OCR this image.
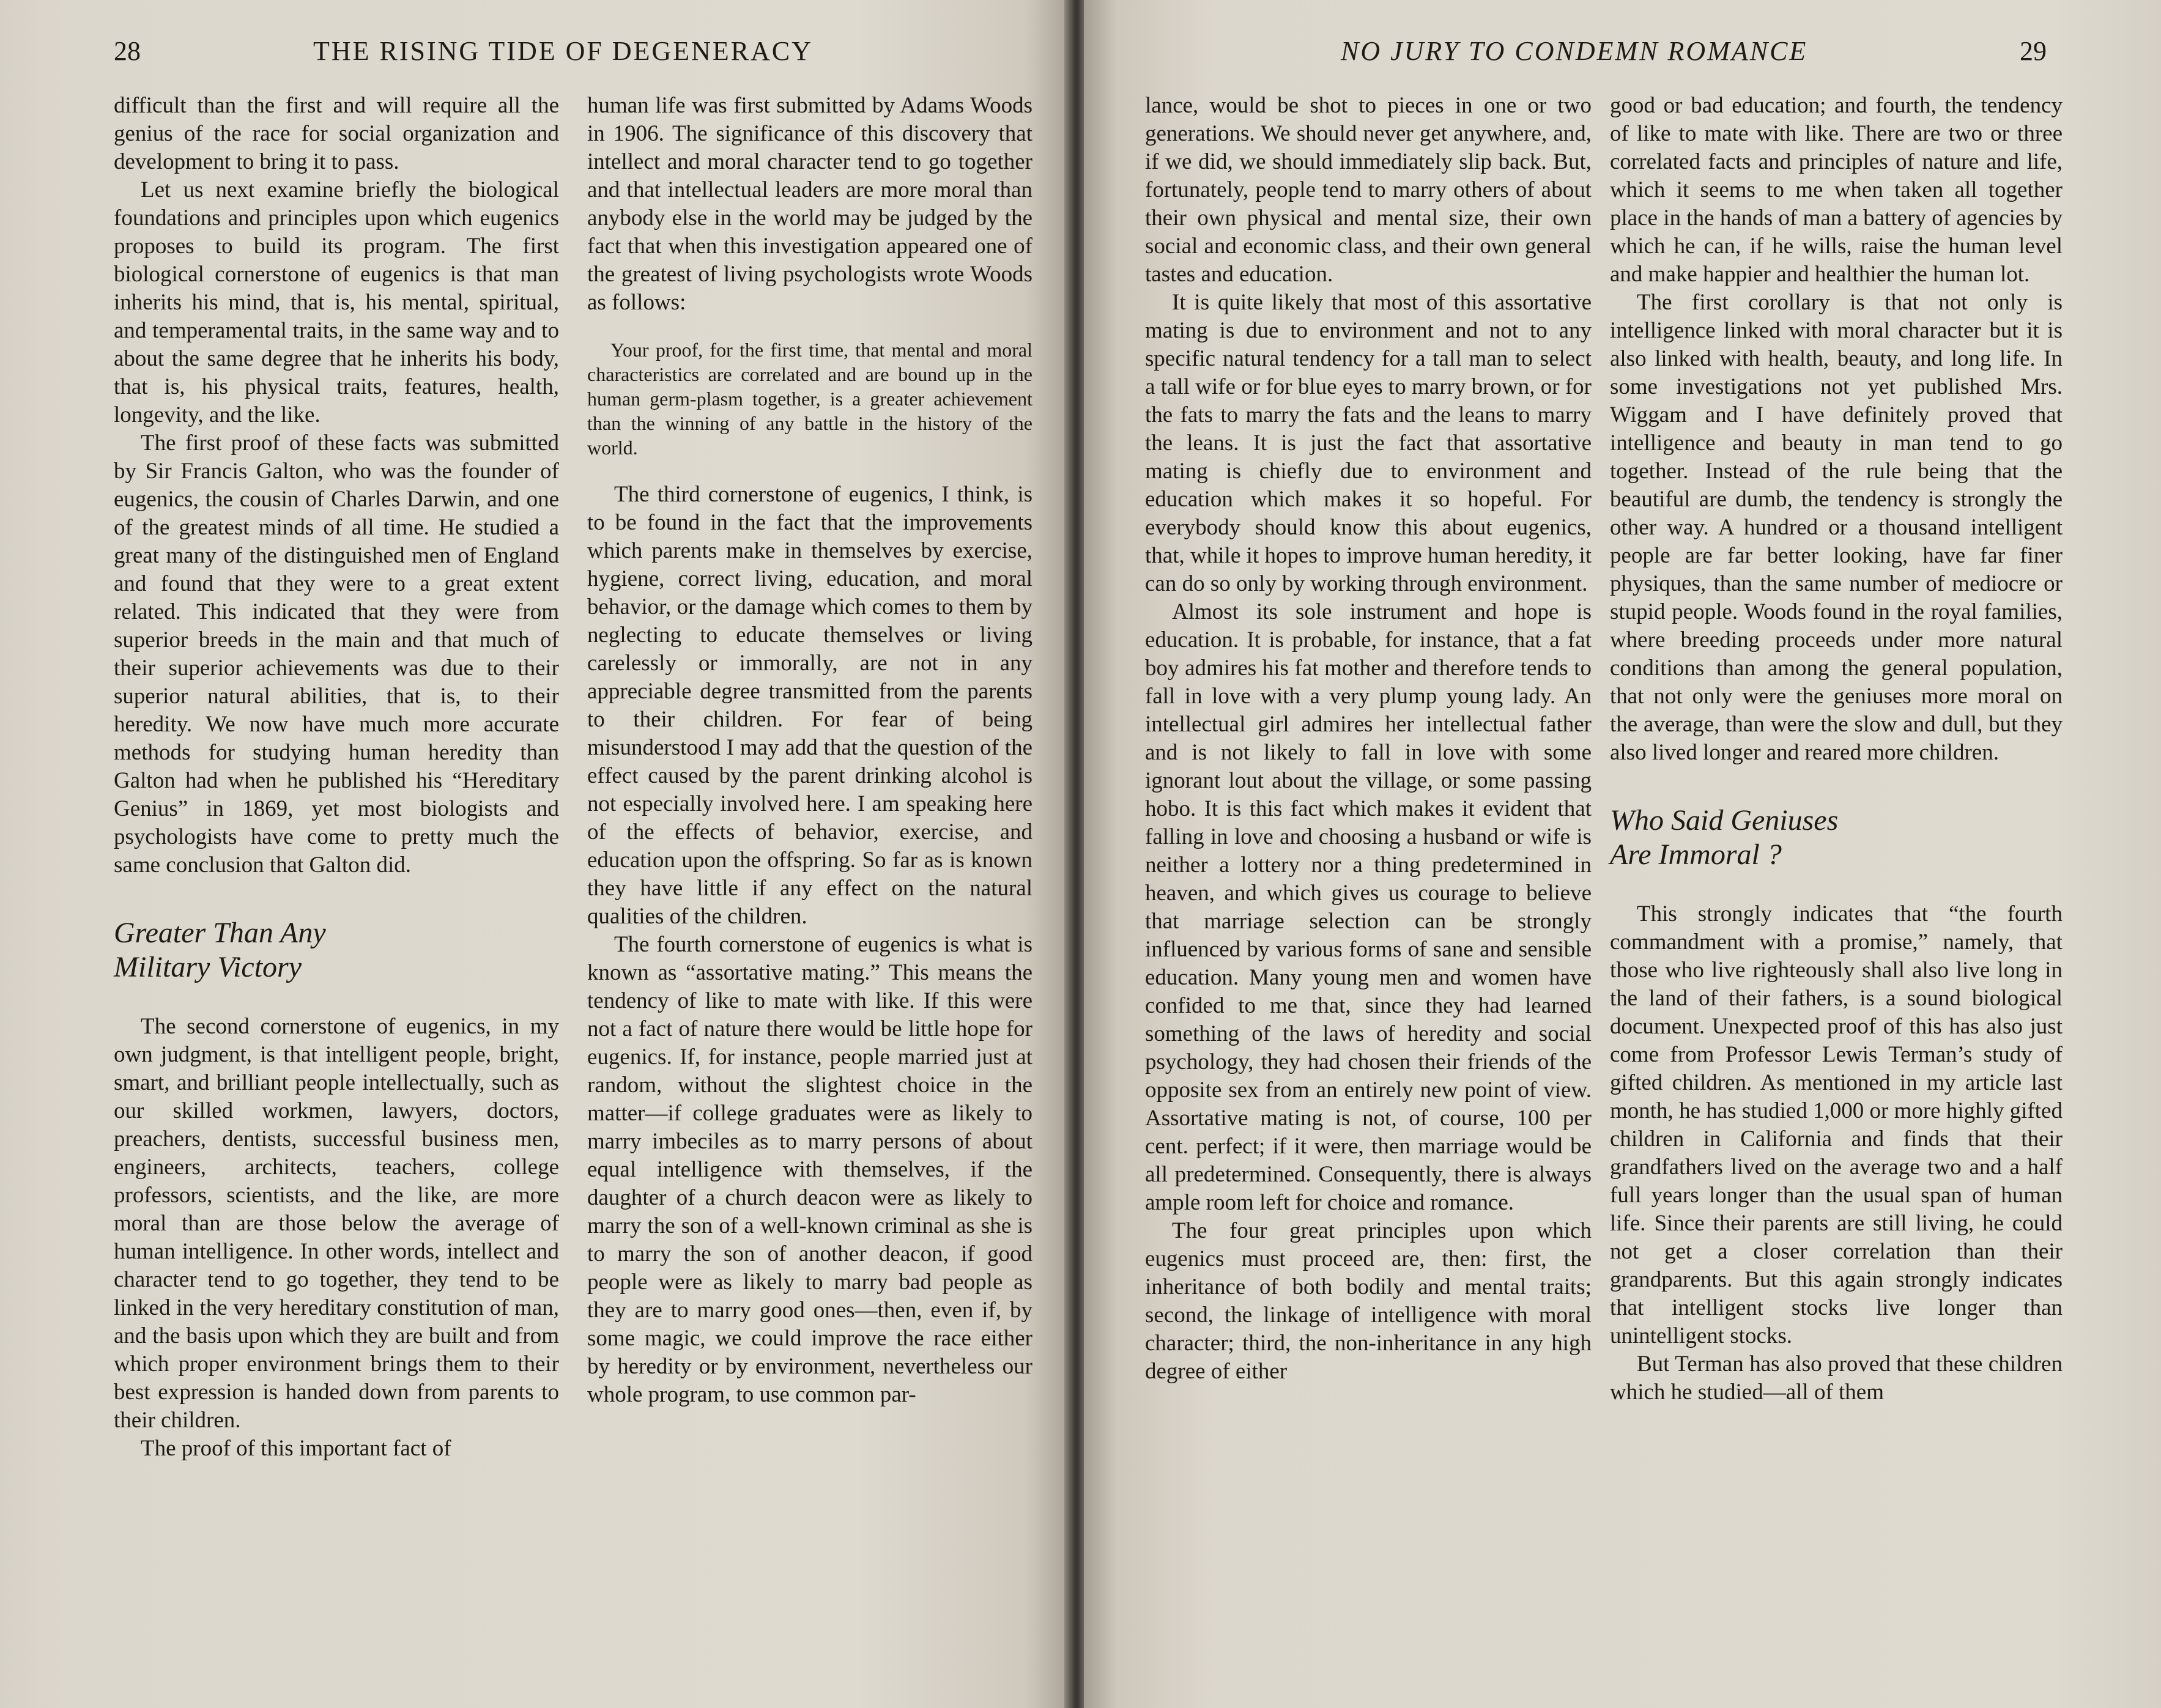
28	THE RISING TIDE OF DEGENERACY

difficult than the first and will require all the genius of the race for social organization and development to bring it to pass.

Let us next examine briefly the biological foundations and principles upon which eugenics proposes to build its program. The first biological cornerstone of eugenics is that man inherits his mind, that is, his mental, spiritual, and temperamental traits, in the same way and to about the same degree that he inherits his body, that is, his physical traits, features, health, longevity, and the like.

The first proof of these facts was submitted by Sir Francis Galton, who was the founder of eugenics, the cousin of Charles Darwin, and one of the greatest minds of all time. He studied a great many of the distinguished men of England and found that they were to a great extent related. This indicated that they were from superior breeds in the main and that much of their superior achievements was due to their superior natural abilities, that is, to their heredity. We now have much more accurate methods for studying human heredity than Galton had when he published his “Hereditary Genius” in 1869, yet most biologists and psychologists have come to pretty much the same conclusion that Galton did.

Greater Than Any
Military Victory

The second cornerstone of eugenics, in my own judgment, is that intelligent people, bright, smart, and brilliant people intellectually, such as our skilled workmen, lawyers, doctors, preachers, dentists, successful business men, engineers, architects, teachers, college professors, scientists, and the like, are more moral than are those below the average of human intelligence. In other words, intellect and character tend to go together, they tend to be linked in the very hereditary constitution of man, and the basis upon which they are built and from which proper environment brings them to their best expression is handed down from parents to their children.

The proof of this important fact of

human life was first submitted by Adams Woods in 1906. The significance of this discovery that intellect and moral character tend to go together and that intellectual leaders are more moral than anybody else in the world may be judged by the fact that when this investigation appeared one of the greatest of living psychologists wrote Woods as follows:

Your proof, for the first time, that mental and moral characteristics are correlated and are bound up in the human germ-plasm together, is a greater achievement than the winning of any battle in the history of the world.

The third cornerstone of eugenics, I think, is to be found in the fact that the improvements which parents make in themselves by exercise, hygiene, correct living, education, and moral behavior, or the damage which comes to them by neglecting to educate themselves or living carelessly or immorally, are not in any appreciable degree transmitted from the parents to their children. For fear of being misunderstood I may add that the question of the effect caused by the parent drinking alcohol is not especially involved here. I am speaking here of the effects of behavior, exercise, and education upon the offspring. So far as is known they have little if any effect on the natural qualities of the children.

The fourth cornerstone of eugenics is what is known as “assortative mating.” This means the tendency of like to mate with like. If this were not a fact of nature there would be little hope for eugenics. If, for instance, people married just at random, without the slightest choice in the matter—if college graduates were as likely to marry imbeciles as to marry persons of about equal intelligence with themselves, if the daughter of a church deacon were as likely to marry the son of a well-known criminal as she is to marry the son of another deacon, if good people were as likely to marry bad people as they are to marry good ones—then, even if, by some magic, we could improve the race either by heredity or by environment, nevertheless our whole program, to use common par-

NO JURY TO CONDEMN ROMANCE	29

lance, would be shot to pieces in one or two generations. We should never get anywhere, and, if we did, we should immediately slip back. But, fortunately, people tend to marry others of about their own physical and mental size, their own social and economic class, and their own general tastes and education.

It is quite likely that most of this assortative mating is due to environment and not to any specific natural tendency for a tall man to select a tall wife or for blue eyes to marry brown, or for the fats to marry the fats and the leans to marry the leans. It is just the fact that assortative mating is chiefly due to environment and education which makes it so hopeful. For everybody should know this about eugenics, that, while it hopes to improve human heredity, it can do so only by working through environment.

Almost its sole instrument and hope is education. It is probable, for instance, that a fat boy admires his fat mother and therefore tends to fall in love with a very plump young lady. An intellectual girl admires her intellectual father and is not likely to fall in love with some ignorant lout about the village, or some passing hobo. It is this fact which makes it evident that falling in love and choosing a husband or wife is neither a lottery nor a thing predetermined in heaven, and which gives us courage to believe that marriage selection can be strongly influenced by various forms of sane and sensible education. Many young men and women have confided to me that, since they had learned something of the laws of heredity and social psychology, they had chosen their friends of the opposite sex from an entirely new point of view. Assortative mating is not, of course, 100 per cent. perfect; if it were, then marriage would be all predetermined. Consequently, there is always ample room left for choice and romance.

The four great principles upon which eugenics must proceed are, then: first, the inheritance of both bodily and mental traits; second, the linkage of intelligence with moral character; third, the non-inheritance in any high degree of either

good or bad education; and fourth, the tendency of like to mate with like. There are two or three correlated facts and principles of nature and life, which it seems to me when taken all together place in the hands of man a battery of agencies by which he can, if he wills, raise the human level and make happier and healthier the human lot.

The first corollary is that not only is intelligence linked with moral character but it is also linked with health, beauty, and long life. In some investigations not yet published Mrs. Wiggam and I have definitely proved that intelligence and beauty in man tend to go together. Instead of the rule being that the beautiful are dumb, the tendency is strongly the other way. A hundred or a thousand intelligent people are far better looking, have far finer physiques, than the same number of mediocre or stupid people. Woods found in the royal families, where breeding proceeds under more natural conditions than among the general population, that not only were the geniuses more moral on the average, than were the slow and dull, but they also lived longer and reared more children.

Who Said Geniuses
Are Immoral ?

This strongly indicates that “the fourth commandment with a promise,” namely, that those who live righteously shall also live long in the land of their fathers, is a sound biological document. Unexpected proof of this has also just come from Professor Lewis Terman’s study of gifted children. As mentioned in my article last month, he has studied 1,000 or more highly gifted children in California and finds that their grandfathers lived on the average two and a half full years longer than the usual span of human life. Since their parents are still living, he could not get a closer correlation than their grandparents. But this again strongly indicates that intelligent stocks live longer than unintelligent stocks.

But Terman has also proved that these children which he studied—all of them
